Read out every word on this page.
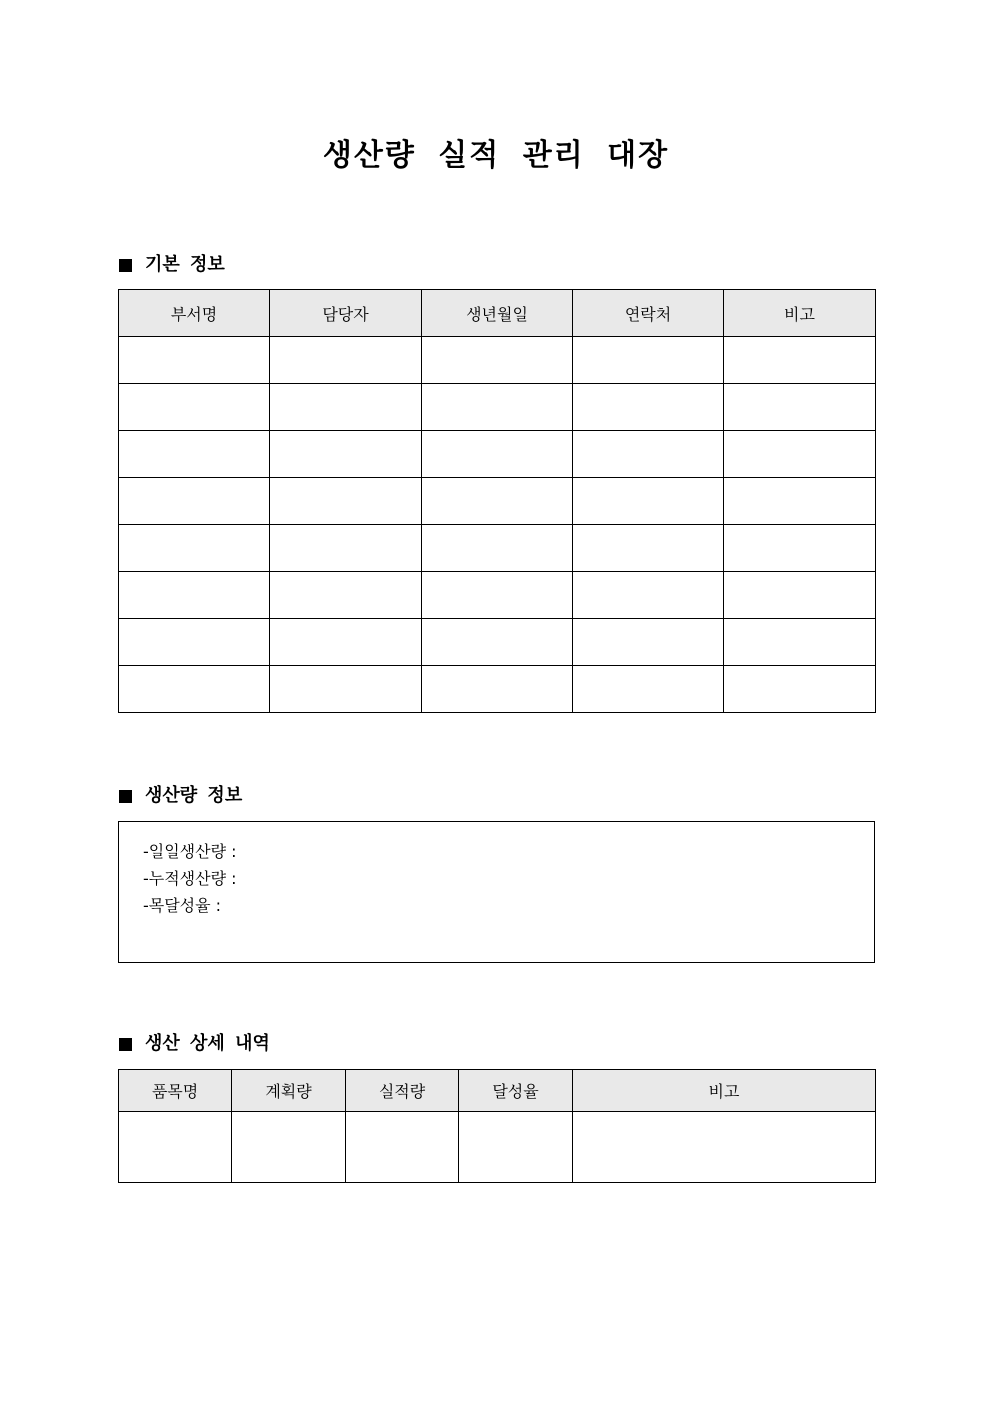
생산량 실적 관리 대장
기본 정보
부서명	담당자	생년월일	연락처	비고

생산량 정보
-일일생산량 :
-누적생산량 :
-목달성율 :
생산 상세 내역
품목명	계획량	실적량	달성율	비고
